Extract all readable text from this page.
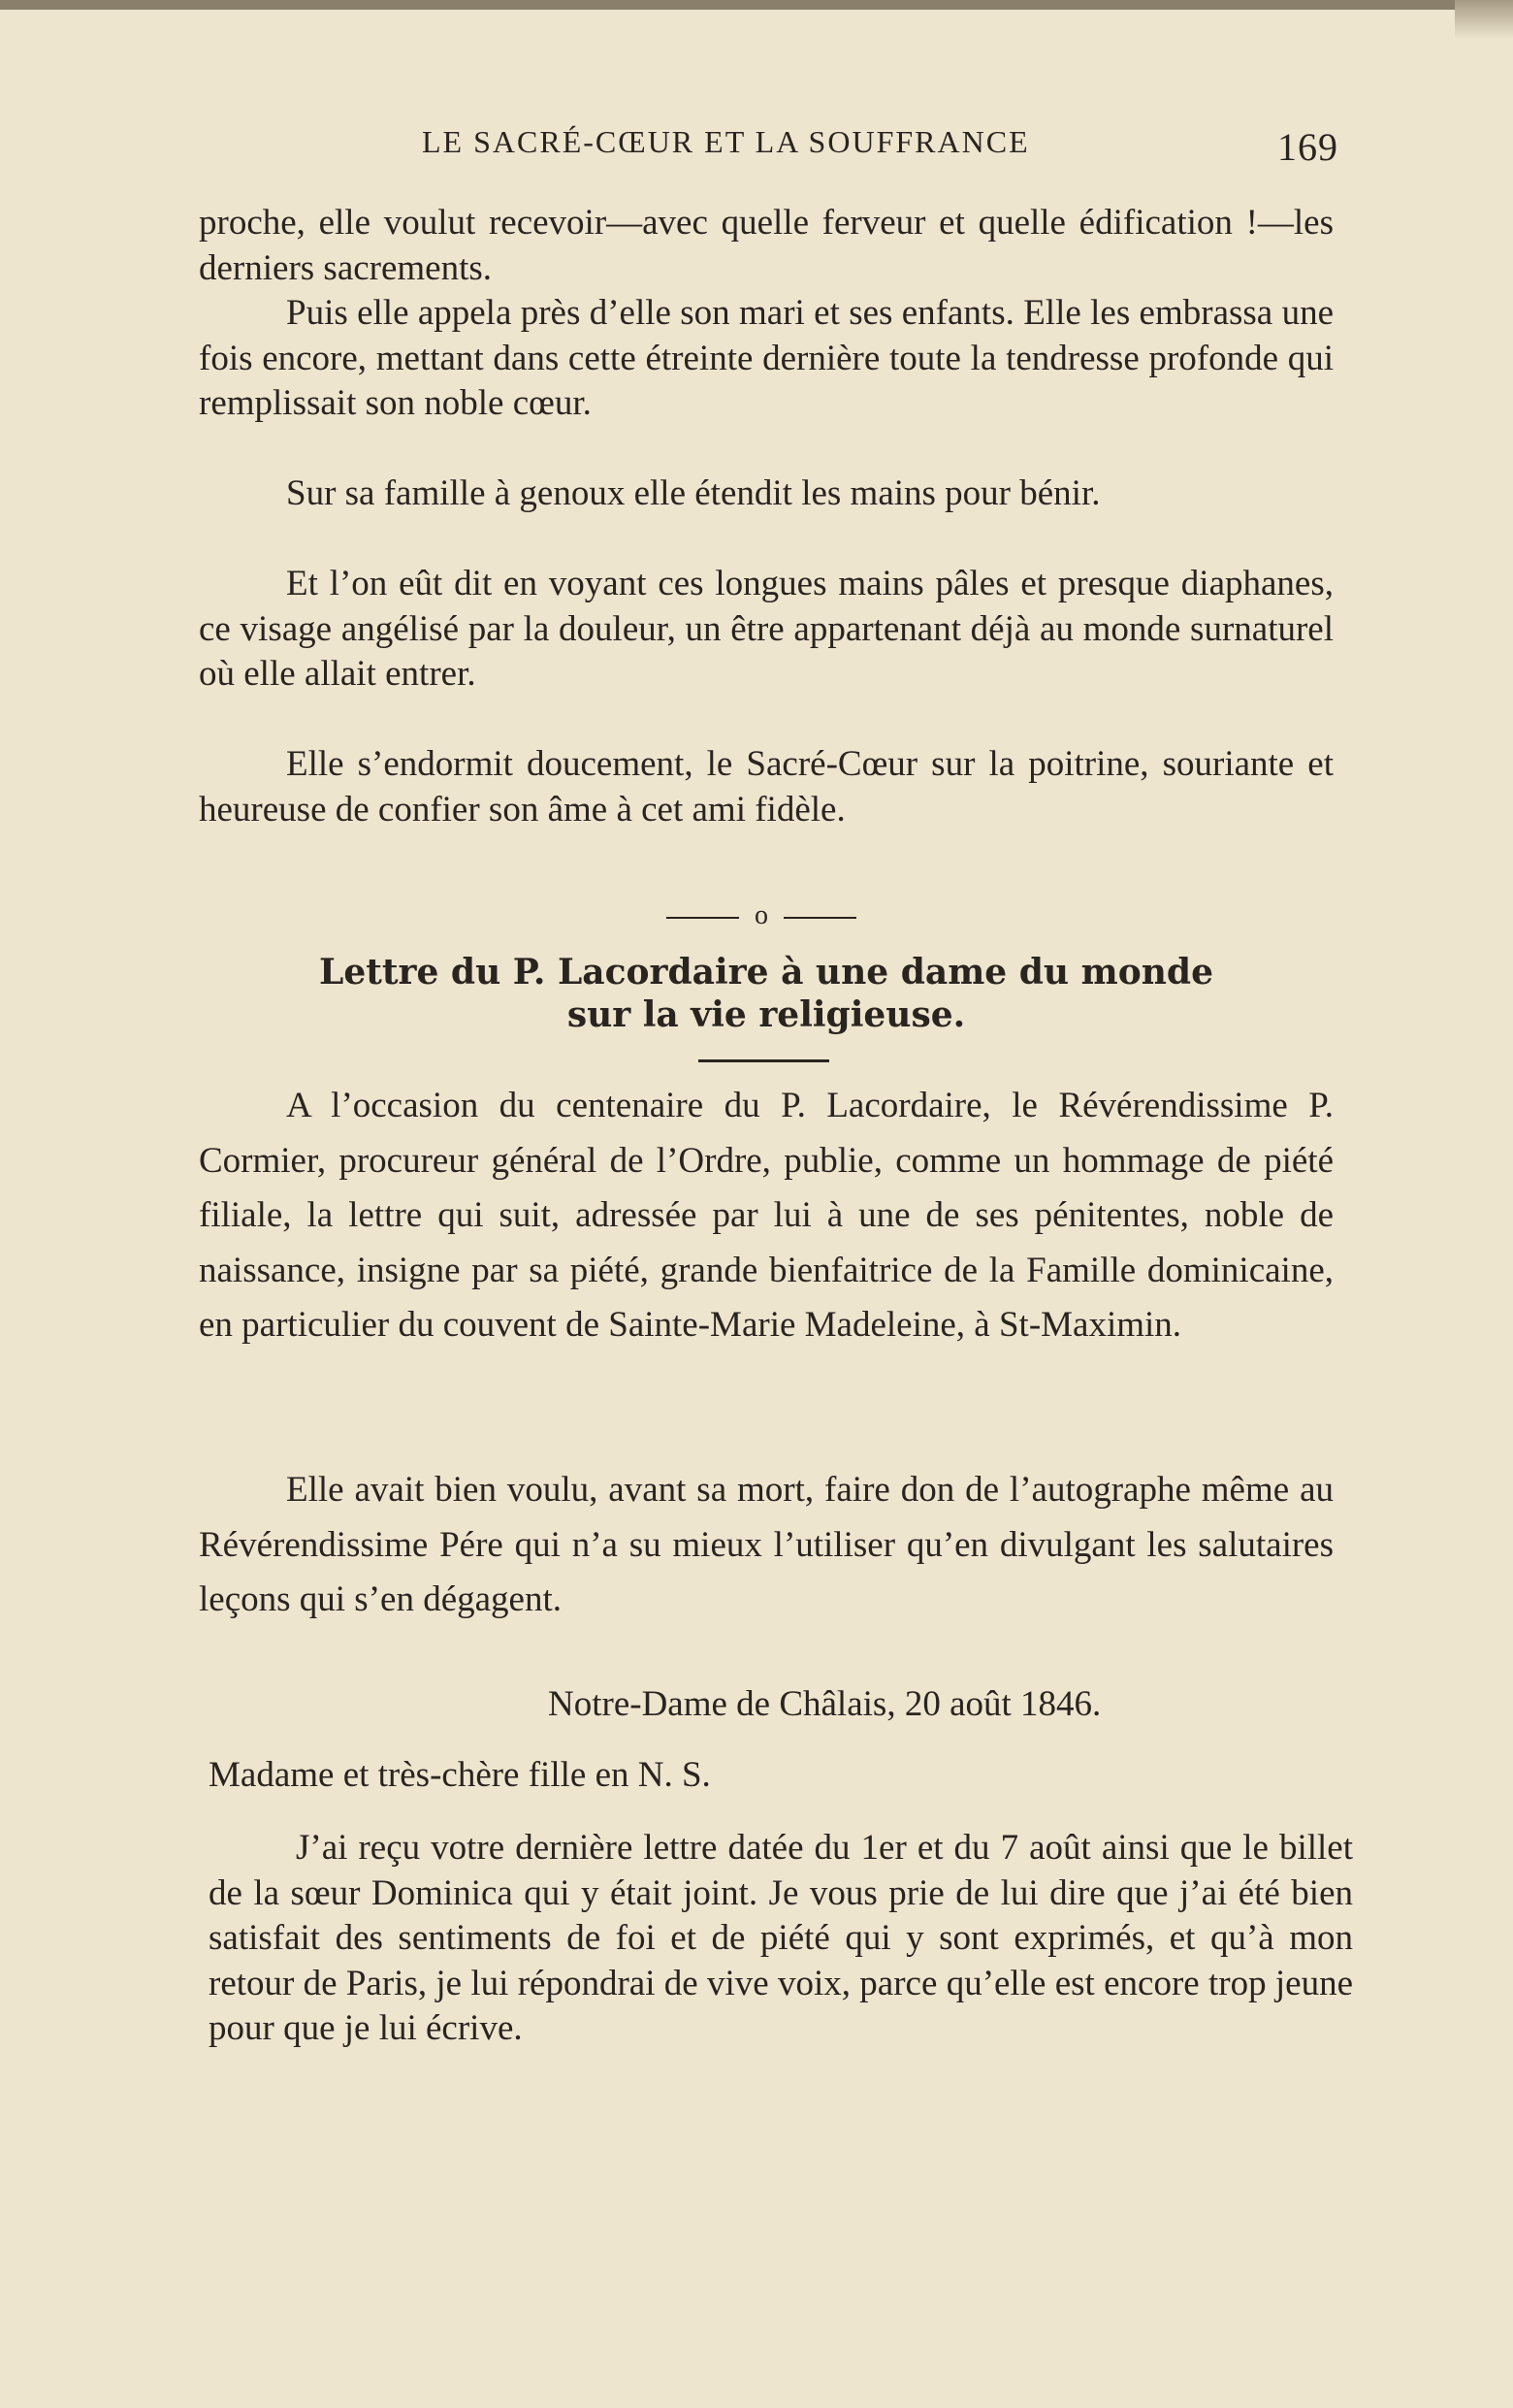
LE SACRÉ-CŒUR ET LA SOUFFRANCE	169

proche, elle voulut recevoir—avec quelle ferveur et quelle édification !—les derniers sacrements.

Puis elle appela près d’elle son mari et ses enfants. Elle les embrassa une fois encore, mettant dans cette étreinte dernière toute la tendresse profonde qui remplissait son noble cœur.

Sur sa famille à genoux elle étendit les mains pour bénir.

Et l’on eût dit en voyant ces longues mains pâles et presque diaphanes, ce visage angélisé par la douleur, un être appartenant déjà au monde surnaturel où elle allait entrer.

Elle s’endormit doucement, le Sacré-Cœur sur la poitrine, souriante et heureuse de confier son âme à cet ami fidèle.

o
Lettre du P. Lacordaire à une dame du monde
sur la vie religieuse.

A l’occasion du centenaire du P. Lacordaire, le Révérendissime P. Cormier, procureur général de l’Ordre, publie, comme un hommage de piété filiale, la lettre qui suit, adressée par lui à une de ses pénitentes, noble de naissance, insigne par sa piété, grande bienfaitrice de la Famille dominicaine, en particulier du couvent de Sainte-Marie Madeleine, à St-Maximin.

Elle avait bien voulu, avant sa mort, faire don de l’autographe même au Révérendissime Pére qui n’a su mieux l’utiliser qu’en divulgant les salutaires leçons qui s’en dégagent.

Notre-Dame de Châlais, 20 août 1846.

Madame et très-chère fille en N. S.

J’ai reçu votre dernière lettre datée du 1er et du 7 août ainsi que le billet de la sœur Dominica qui y était joint. Je vous prie de lui dire que j’ai été bien satisfait des sentiments de foi et de piété qui y sont exprimés, et qu’à mon retour de Paris, je lui répondrai de vive voix, parce qu’elle est encore trop jeune pour que je lui écrive.
